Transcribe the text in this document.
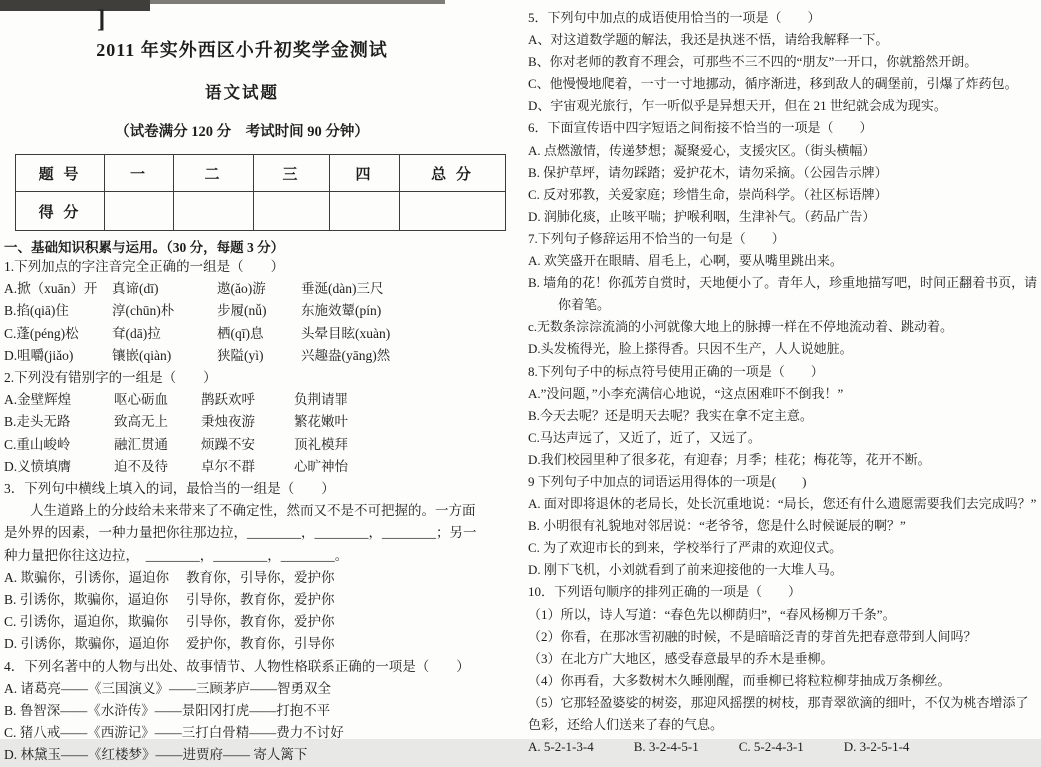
]
2011 年实外西区小升初奖学金测试
语文试题
（试卷满分 120 分　考试时间 90 分钟）
题 号	一	二	三	四	总 分
得 分					
一、基础知识积累与运用。（30 分，每题 3 分）
1.下列加点的字注音完全正确的一组是（　　）
A.掀（xuān）开	真谛(dī)	遨(ǎo)游	垂涎(dàn)三尺
B.掐(qiā)住	淳(chūn)朴	步履(nǚ)	东施效颦(pín)
C.蓬(péng)松	耷(dā)拉	栖(qī)息	头晕目眩(xuàn)
D.咀嚼(jiǎo)	镶嵌(qiàn)	狭隘(yì)	兴趣盎(yāng)然
2.下列没有错别字的一组是（　　）
A.金壁辉煌	呕心砺血	鹊跃欢呼	负荆请罪
B.走头无路	致高无上	秉烛夜游	繁花嫩叶
C.重山峻岭	融汇贯通	烦躁不安	顶礼模拜
D.义愤填膺	迫不及待	卓尔不群	心旷神怡
3．下列句中横线上填入的词，最恰当的一组是（　　）
人生道路上的分歧给未来带来了不确定性，然而又不是不可把握的。一方面
是外界的因素，一种力量把你往那边拉，________，________，________；另一
种力量把你往这边拉，　________，________，________。
A. 欺骗你，引诱你，逼迫你	教育你，引导你，爱护你
B. 引诱你，欺骗你，逼迫你	引导你，教育你，爱护你
C. 引诱你，逼迫你，欺骗你	引导你，教育你，爱护你
D. 引诱你，欺骗你，逼迫你	爱护你，教育你，引导你
4．下列名著中的人物与出处、故事情节、人物性格联系正确的一项是（　　）
A. 诸葛亮——《三国演义》——三顾茅庐——智勇双全
B. 鲁智深——《水浒传》——景阳冈打虎——打抱不平
C. 猪八戒——《西游记》——三打白骨精——费力不讨好
D. 林黛玉——《红楼梦》——进贾府—— 寄人篱下
5．下列句中加点的成语使用恰当的一项是（　　）
A、对这道数学题的解法，我还是执迷不悟，请给我解释一下。
B、你对老师的教育不理会，可那些不三不四的“朋友”一开口，你就豁然开朗。
C、他慢慢地爬着，一寸一寸地挪动，循序渐进，移到敌人的碉堡前，引爆了炸药包。
D、宇宙观光旅行，乍一听似乎是异想天开，但在 21 世纪就会成为现实。
6．下面宣传语中四字短语之间衔接不恰当的一项是（　　）
A. 点燃激情，传递梦想；凝聚爱心，支援灾区。（街头横幅）
B. 保护草坪，请勿踩踏；爱护花木，请勿采摘。（公园告示牌）
C. 反对邪教，关爱家庭；珍惜生命，崇尚科学。（社区标语牌）
D. 润肺化痰，止咳平喘；护喉利咽，生津补气。（药品广告）
7.下列句子修辞运用不恰当的一句是（　　）
A. 欢笑盛开在眼睛、眉毛上，心啊，要从嘴里跳出来。
B. 墙角的花！你孤芳自赏时，天地便小了。青年人，珍重地描写吧，时间正翻着书页，请你着笔。
c.无数条淙淙流淌的小河就像大地上的脉搏一样在不停地流动着、跳动着。
D.头发梳得光，脸上搽得香。只因不生产，人人说她脏。
8.下列句子中的标点符号使用正确的一项是（　　）
A.”没问题，”小李充满信心地说，“这点困难吓不倒我！”
B.今天去呢？还是明天去呢？我实在拿不定主意。
C.马达声远了，又近了，近了，又远了。
D.我们校园里种了很多花，有迎春；月季；桂花；梅花等，花开不断。
9 下列句子中加点的词语运用得体的一项是(　　)
A. 面对即将退休的老局长，处长沉重地说：“局长，您还有什么遗愿需要我们去完成吗？”
B. 小明很有礼貌地对邻居说：“老爷爷，您是什么时候诞辰的啊？”
C. 为了欢迎市长的到来，学校举行了严肃的欢迎仪式。
D. 刚下飞机，小刘就看到了前来迎接他的一大堆人马。
10．下列语句顺序的排列正确的一项是（　　）
（1）所以，诗人写道：“春色先以柳荫归”，“春风杨柳万千条”。
（2）你看，在那冰雪初融的时候，不是暗暗泛青的芽首先把春意带到人间吗？
（3）在北方广大地区，感受春意最早的乔木是垂柳。
（4）你再看，大多数树木久睡刚醒，而垂柳已将粒粒柳芽抽成万条柳丝。
（5）它那轻盈婆娑的树姿，那迎风摇摆的树枝，那青翠欲滴的细叶，不仅为桃杏增添了色彩，还给人们送来了春的气息。
A. 5-2-1-3-4	B. 3-2-4-5-1	C. 5-2-4-3-1	D. 3-2-5-1-4
